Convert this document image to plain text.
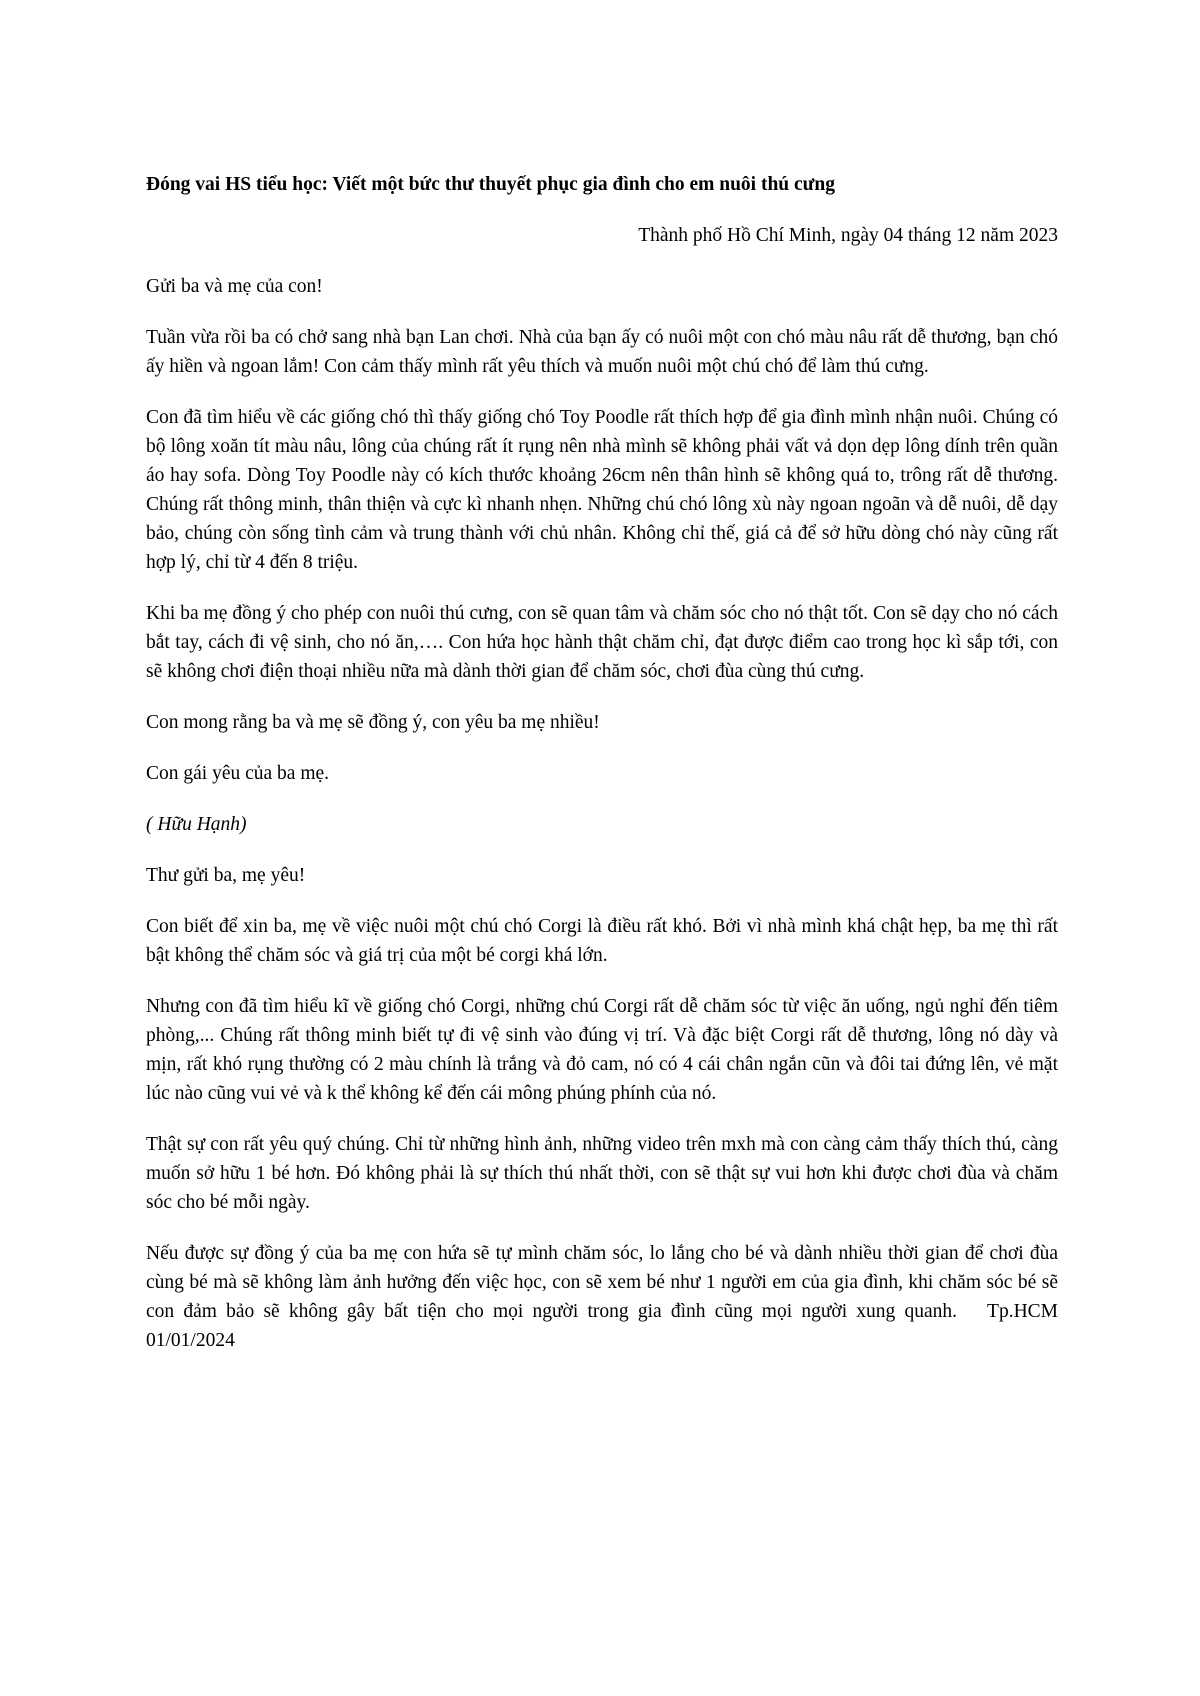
Đóng vai HS tiểu học: Viết một bức thư thuyết phục gia đình cho em nuôi thú cưng
Thành phố Hồ Chí Minh, ngày 04 tháng 12 năm 2023

Gửi ba và mẹ của con!

Tuần vừa rồi ba có chở sang nhà bạn Lan chơi. Nhà của bạn ấy có nuôi một con chó màu nâu rất dễ thương, bạn chó ấy hiền và ngoan lắm! Con cảm thấy mình rất yêu thích và muốn nuôi một chú chó để làm thú cưng.

Con đã tìm hiểu về các giống chó thì thấy giống chó Toy Poodle rất thích hợp để gia đình mình nhận nuôi. Chúng có bộ lông xoăn tít màu nâu, lông của chúng rất ít rụng nên nhà mình sẽ không phải vất vả dọn dẹp lông dính trên quần áo hay sofa. Dòng Toy Poodle này có kích thước khoảng 26cm nên thân hình sẽ không quá to, trông rất dễ thương. Chúng rất thông minh, thân thiện và cực kì nhanh nhẹn. Những chú chó lông xù này ngoan ngoãn và dễ nuôi, dễ dạy bảo, chúng còn sống tình cảm và trung thành với chủ nhân. Không chỉ thế, giá cả để sở hữu dòng chó này cũng rất hợp lý, chỉ từ 4 đến 8 triệu.

Khi ba mẹ đồng ý cho phép con nuôi thú cưng, con sẽ quan tâm và chăm sóc cho nó thật tốt. Con sẽ dạy cho nó cách bắt tay, cách đi vệ sinh, cho nó ăn,…. Con hứa học hành thật chăm chỉ, đạt được điểm cao trong học kì sắp tới, con sẽ không chơi điện thoại nhiều nữa mà dành thời gian để chăm sóc, chơi đùa cùng thú cưng.

Con mong rằng ba và mẹ sẽ đồng ý, con yêu ba mẹ nhiều!

Con gái yêu của ba mẹ.

( Hữu Hạnh)

Thư gửi ba, mẹ yêu!

Con biết để xin ba, mẹ về việc nuôi một chú chó Corgi là điều rất khó. Bởi vì nhà mình khá chật hẹp, ba mẹ thì rất bật không thể chăm sóc và giá trị của một bé corgi khá lớn.

Nhưng con đã tìm hiểu kĩ về giống chó Corgi, những chú Corgi rất dễ chăm sóc từ việc ăn uống, ngủ nghỉ đến tiêm phòng,... Chúng rất thông minh biết tự đi vệ sinh vào đúng vị trí. Và đặc biệt Corgi rất dễ thương, lông nó dày và mịn, rất khó rụng thường có 2 màu chính là trắng và đỏ cam, nó có 4 cái chân ngắn cũn và đôi tai đứng lên, vẻ mặt lúc nào cũng vui vẻ và k thể không kể đến cái mông phúng phính của nó.

Thật sự con rất yêu quý chúng. Chỉ từ những hình ảnh, những video trên mxh mà con càng cảm thấy thích thú, càng muốn sở hữu 1 bé hơn. Đó không phải là sự thích thú nhất thời, con sẽ thật sự vui hơn khi được chơi đùa và chăm sóc cho bé mỗi ngày.

Nếu được sự đồng ý của ba mẹ con hứa sẽ tự mình chăm sóc, lo lắng cho bé và dành nhiều thời gian để chơi đùa cùng bé mà sẽ không làm ảnh hưởng đến việc học, con sẽ xem bé như 1 người em của gia đình, khi chăm sóc bé sẽ con đảm bảo sẽ không gây bất tiện cho mọi người trong gia đình cũng mọi người xung quanh. Tp.HCM 01/01/2024
